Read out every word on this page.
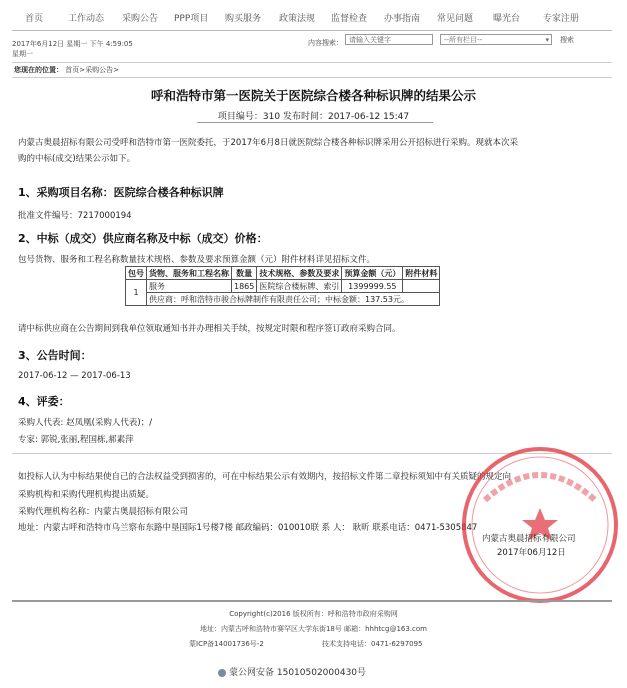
首页	工作动态 采购公告 PPP项目 购买服务 政策法规 监督检查 办事指南 常见问题 曝光台	专家注册
2017年6月12日 星期一 下午 4:59:05
星期一
内容搜索： 请输入关键字	--所有栏目--	▾ 搜索
您现在的位置： 首页>采购公告>
呼和浩特市第一医院关于医院综合楼各种标识牌的结果公示
项目编号：310 发布时间：2017-06-12 15:47
内蒙古奥晨招标有限公司受呼和浩特市第一医院委托，于2017年6月8日就医院综合楼各种标识牌采用公开招标进行采购。现就本次采
购的中标(成交)结果公示如下。
1、采购项目名称：医院综合楼各种标识牌
批准文件编号：7217000194
2、中标（成交）供应商名称及中标（成交）价格：
包号货物、服务和工程名称数量技术规格、参数及要求预算金额（元）附件材料详见招标文件。
包号	货物、服务和工程名称	数量	技术规格、参数及要求	预算金额（元）	附件材料
1	服务	1865	医院综合楼标牌、索引	1399999.55	
	供应商：呼和浩特市骏合标牌制作有限责任公司；中标金额：137.53元。				
请中标供应商在公告期间到我单位领取通知书并办理相关手续，按规定时限和程序签订政府采购合同。
3、公告时间：
2017-06-12 — 2017-06-13
4、评委：
采购人代表: 赵凤凰(采购人代表)；/
专家: 郭锐,张丽,程国栋,郝素萍
如投标人认为中标结果使自己的合法权益受到损害的，可在中标结果公示有效期内，按招标文件第二章投标须知中有关质疑的规定向
采购机构和采购代理机构提出质疑。
采购代理机构名称：内蒙古奥晨招标有限公司
地址：内蒙古呼和浩特市乌兰察布东路中垦国际1号楼7楼 邮政编码：010010联 系 人： 耿昕 联系电话：0471-5305847
内蒙古奥晨招标有限公司
2017年06月12日
Copyright(c)2016 版权所有：呼和浩特市政府采购网
地址：内蒙古呼和浩特市赛罕区大学东街18号 邮箱：hhhtcg@163.com
蒙ICP备14001736号-2	技术支持电话：0471-6297095
蒙公网安备 15010502000430号
